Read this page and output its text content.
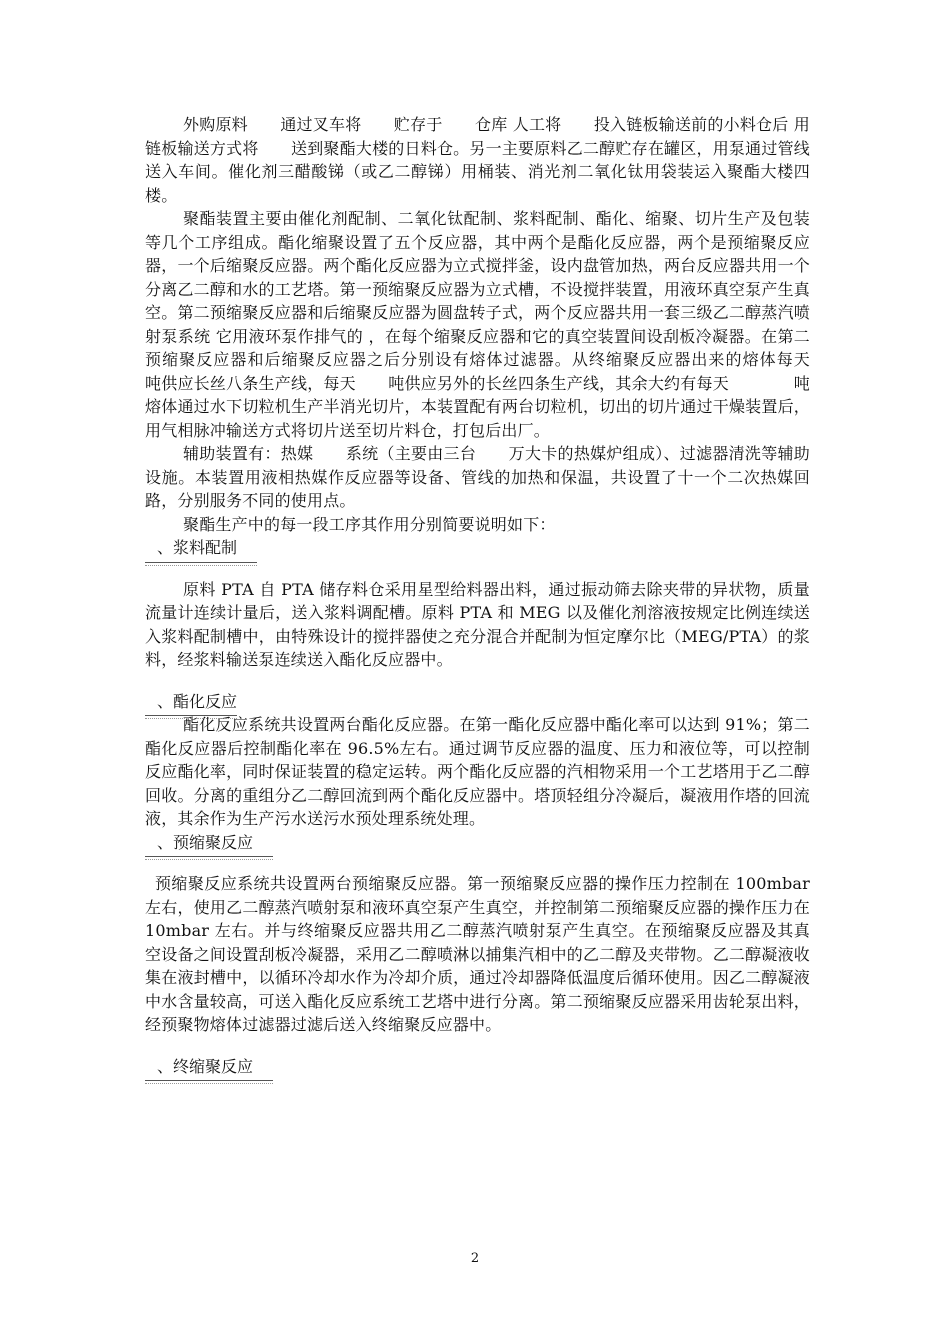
外购原料　　通过叉车将　　贮存于　　仓库 人工将　　投入链板输送前的小料仓后 用链板输送方式将　　送到聚酯大楼的日料仓。另一主要原料乙二醇贮存在罐区，用泵通过管线送入车间。催化剂三醋酸锑（或乙二醇锑）用桶装、消光剂二氧化钛用袋装运入聚酯大楼四楼。

聚酯装置主要由催化剂配制、二氧化钛配制、浆料配制、酯化、缩聚、切片生产及包装等几个工序组成。酯化缩聚设置了五个反应器，其中两个是酯化反应器，两个是预缩聚反应器，一个后缩聚反应器。两个酯化反应器为立式搅拌釜，设内盘管加热，两台反应器共用一个分离乙二醇和水的工艺塔。第一预缩聚反应器为立式槽，不设搅拌装置，用液环真空泵产生真空。第二预缩聚反应器和后缩聚反应器为圆盘转子式，两个反应器共用一套三级乙二醇蒸汽喷射泵系统 它用液环泵作排气的 ，在每个缩聚反应器和它的真空装置间设刮板冷凝器。在第二预缩聚反应器和后缩聚反应器之后分别设有熔体过滤器。从终缩聚反应器出来的熔体每天　　吨供应长丝八条生产线，每天　　吨供应另外的长丝四条生产线，其余大约有每天　　　　吨熔体通过水下切粒机生产半消光切片，本装置配有两台切粒机，切出的切片通过干燥装置后，用气相脉冲输送方式将切片送至切片料仓，打包后出厂。

辅助装置有：热媒　　系统（主要由三台　　万大卡的热媒炉组成）、过滤器清洗等辅助设施。本装置用液相热媒作反应器等设备、管线的加热和保温，共设置了十一个二次热媒回路，分别服务不同的使用点。

聚酯生产中的每一段工序其作用分别简要说明如下：

、浆料配制

原料 PTA 自 PTA 储存料仓采用星型给料器出料，通过振动筛去除夹带的异状物，质量流量计连续计量后，送入浆料调配槽。原料 PTA 和 MEG 以及催化剂溶液按规定比例连续送入浆料配制槽中，由特殊设计的搅拌器使之充分混合并配制为恒定摩尔比（MEG/PTA）的浆料，经浆料输送泵连续送入酯化反应器中。

、酯化反应

酯化反应系统共设置两台酯化反应器。在第一酯化反应器中酯化率可以达到 91%；第二酯化反应器后控制酯化率在 96.5%左右。通过调节反应器的温度、压力和液位等，可以控制反应酯化率，同时保证装置的稳定运转。两个酯化反应器的汽相物采用一个工艺塔用于乙二醇回收。分离的重组分乙二醇回流到两个酯化反应器中。塔顶轻组分冷凝后，凝液用作塔的回流液，其余作为生产污水送污水预处理系统处理。

、预缩聚反应

预缩聚反应系统共设置两台预缩聚反应器。第一预缩聚反应器的操作压力控制在 100mbar 左右，使用乙二醇蒸汽喷射泵和液环真空泵产生真空，并控制第二预缩聚反应器的操作压力在 10mbar 左右。并与终缩聚反应器共用乙二醇蒸汽喷射泵产生真空。在预缩聚反应器及其真空设备之间设置刮板冷凝器，采用乙二醇喷淋以捕集汽相中的乙二醇及夹带物。乙二醇凝液收集在液封槽中，以循环冷却水作为冷却介质，通过冷却器降低温度后循环使用。因乙二醇凝液中水含量较高，可送入酯化反应系统工艺塔中进行分离。第二预缩聚反应器采用齿轮泵出料，经预聚物熔体过滤器过滤后送入终缩聚反应器中。

、终缩聚反应
2
